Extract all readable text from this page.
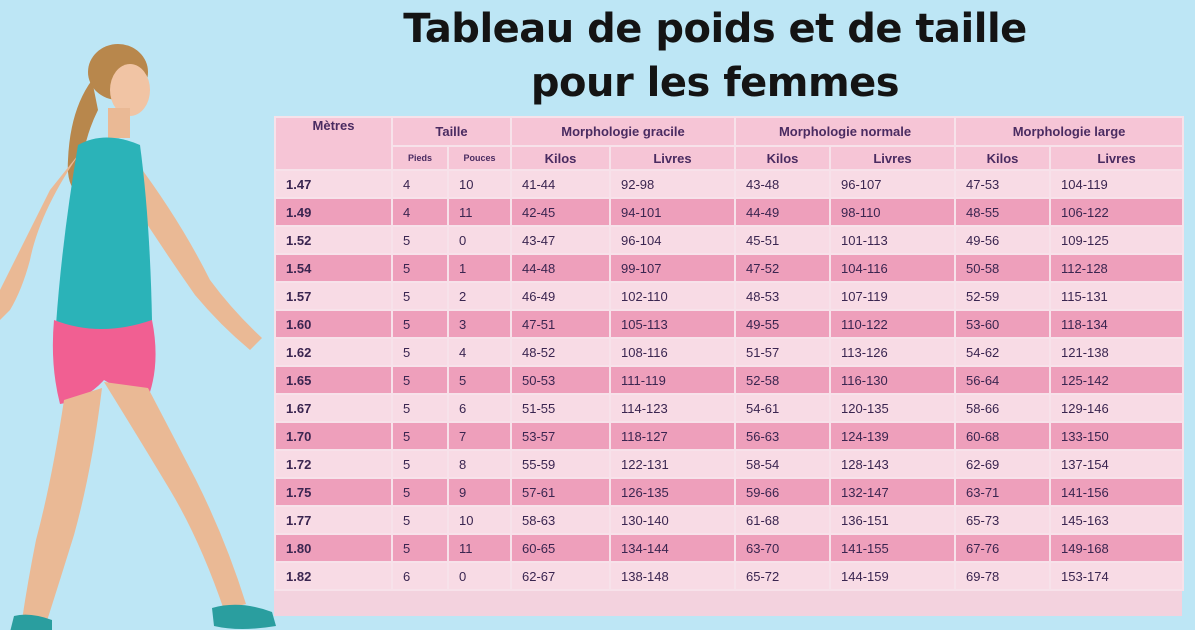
Tableau de poids et de taille
pour les femmes
Mètres	Taille		Morphologie gracile		Morphologie normale		Morphologie large	
	Pieds	Pouces	Kilos	Livres	Kilos	Livres	Kilos	Livres
1.47	4	10	41-44	92-98	43-48	96-107	47-53	104-119
1.49	4	11	42-45	94-101	44-49	98-110	48-55	106-122
1.52	5	0	43-47	96-104	45-51	101-113	49-56	109-125
1.54	5	1	44-48	99-107	47-52	104-116	50-58	112-128
1.57	5	2	46-49	102-110	48-53	107-119	52-59	115-131
1.60	5	3	47-51	105-113	49-55	110-122	53-60	118-134
1.62	5	4	48-52	108-116	51-57	113-126	54-62	121-138
1.65	5	5	50-53	111-119	52-58	116-130	56-64	125-142
1.67	5	6	51-55	114-123	54-61	120-135	58-66	129-146
1.70	5	7	53-57	118-127	56-63	124-139	60-68	133-150
1.72	5	8	55-59	122-131	58-54	128-143	62-69	137-154
1.75	5	9	57-61	126-135	59-66	132-147	63-71	141-156
1.77	5	10	58-63	130-140	61-68	136-151	65-73	145-163
1.80	5	11	60-65	134-144	63-70	141-155	67-76	149-168
1.82	6	0	62-67	138-148	65-72	144-159	69-78	153-174
